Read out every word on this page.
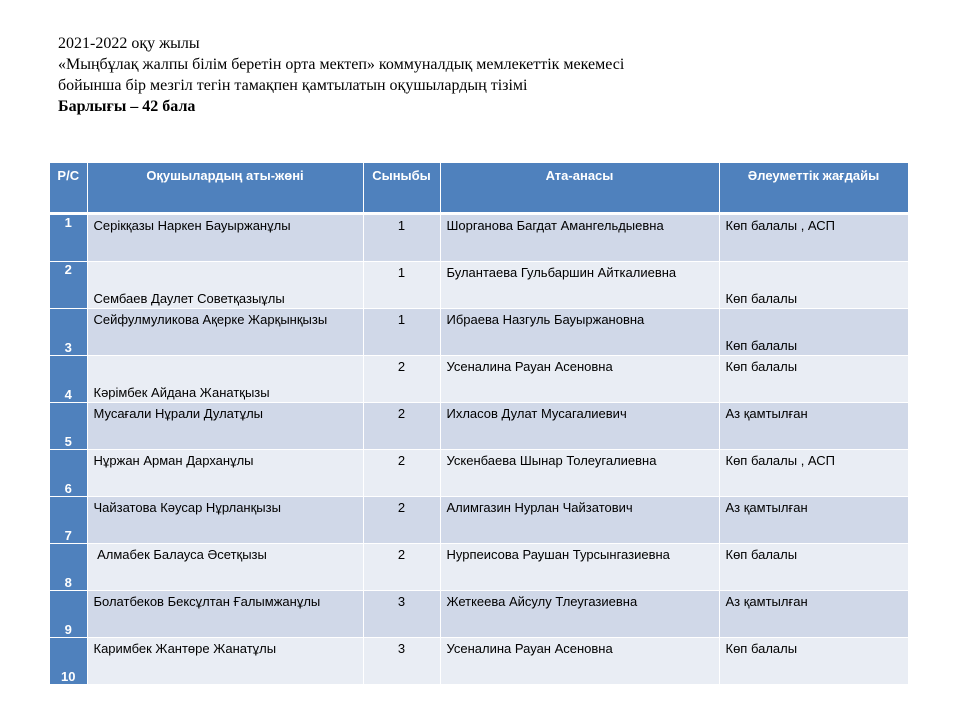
2021-2022 оқу жылы
«Мыңбұлақ жалпы білім беретін орта мектеп» коммуналдық мемлекеттік мекемесі
бойынша бір мезгіл тегін тамақпен қамтылатын оқушылардың тізімі
Барлығы – 42 бала
Р/С	Оқушылардың аты-жөні	Сыныбы	Ата-анасы	Әлеуметтік жағдайы
1	Серікқазы Наркен Бауыржанұлы	1	Шорганова Багдат Амангельдыевна	Көп балалы , АСП
2	Сембаев Даулет Советқазыұлы	1	Булантаева Гульбаршин Айткалиевна	Көп балалы
3	Сейфулмуликова Ақерке Жарқынқызы	1	Ибраева Назгуль Бауыржановна	Көп балалы
4	Кәрімбек Айдана Жанатқызы	2	Усеналина Рауан Асеновна	Көп балалы
5	Мусағали Нұрали Дулатұлы	2	Ихласов Дулат Мусагалиевич	Аз қамтылған
6	Нұржан Арман Дарханұлы	2	Ускенбаева Шынар Толеугалиевна	Көп балалы , АСП
7	Чайзатова Кәусар Нұрланқызы	2	Алимгазин Нурлан Чайзатович	Аз қамтылған
8	Алмабек Балауса Әсетқызы	2	Нурпеисова Раушан Турсынгазиевна	Көп балалы
9	Болатбеков Бексұлтан Ғалымжанұлы	3	Жеткеева Айсулу Тлеугазиевна	Аз қамтылған
10	Каримбек Жантөре Жанатұлы	3	Усеналина Рауан Асеновна	Көп балалы
